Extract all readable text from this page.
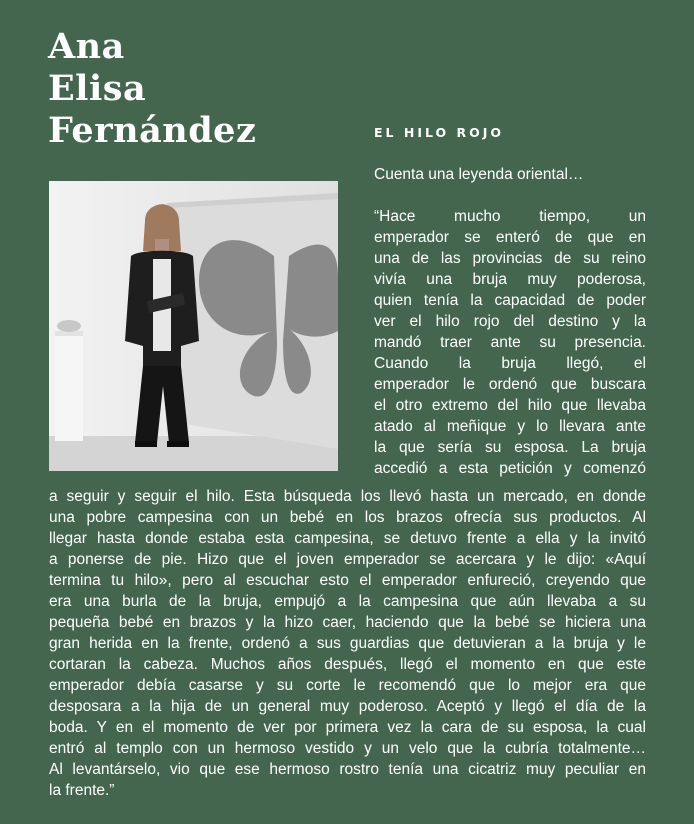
Ana
Elisa
Fernández	EL HILO ROJO
Cuenta una leyenda oriental…
“Hace mucho tiempo, un
emperador se enteró de que en
una de las provincias de su reino
vivía una bruja muy poderosa,
quien tenía la capacidad de poder
ver el hilo rojo del destino y la
mandó traer ante su presencia.
Cuando la bruja llegó, el
emperador le ordenó que buscara
el otro extremo del hilo que llevaba
atado al meñique y lo llevara ante
la que sería su esposa. La bruja
accedió a esta petición y comenzó
a seguir y seguir el hilo. Esta búsqueda los llevó hasta un mercado, en donde
una pobre campesina con un bebé en los brazos ofrecía sus productos. Al
llegar hasta donde estaba esta campesina, se detuvo frente a ella y la invitó
a ponerse de pie. Hizo que el joven emperador se acercara y le dijo: «Aquí
termina tu hilo», pero al escuchar esto el emperador enfureció, creyendo que
era una burla de la bruja, empujó a la campesina que aún llevaba a su
pequeña bebé en brazos y la hizo caer, haciendo que la bebé se hiciera una
gran herida en la frente, ordenó a sus guardias que detuvieran a la bruja y le
cortaran la cabeza. Muchos años después, llegó el momento en que este
emperador debía casarse y su corte le recomendó que lo mejor era que
desposara a la hija de un general muy poderoso. Aceptó y llegó el día de la
boda. Y en el momento de ver por primera vez la cara de su esposa, la cual
entró al templo con un hermoso vestido y un velo que la cubría totalmente…
Al levantárselo, vio que ese hermoso rostro tenía una cicatriz muy peculiar en
la frente.”
